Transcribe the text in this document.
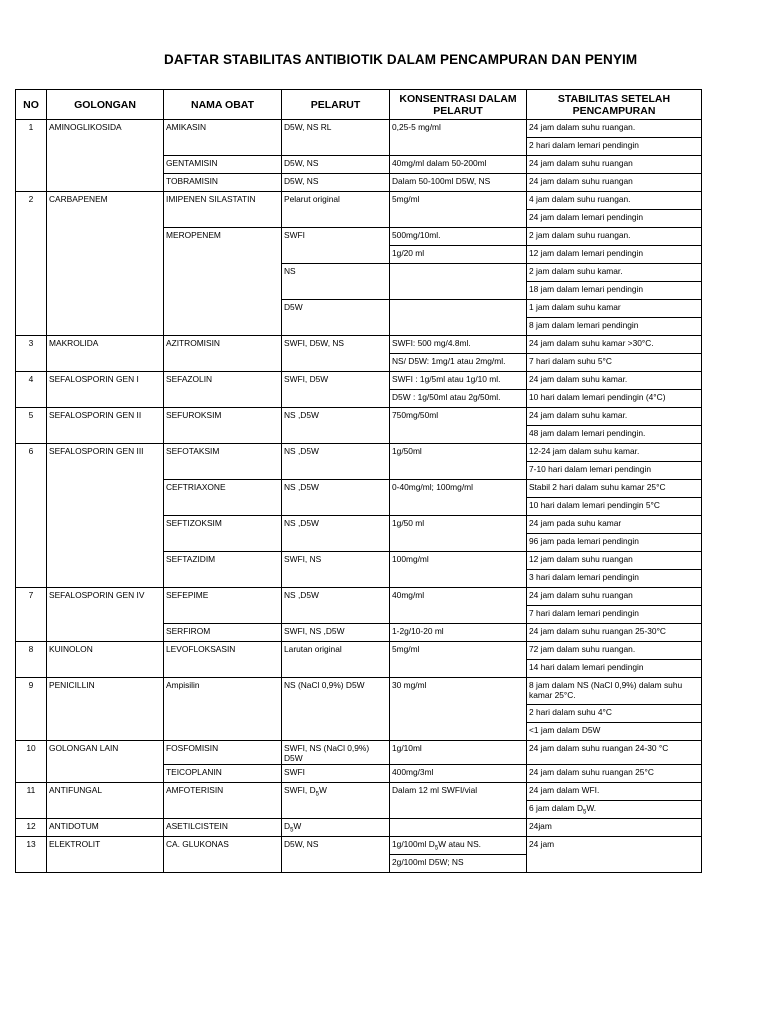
DAFTAR STABILITAS ANTIBIOTIK DALAM PENCAMPURAN DAN PENYIM
NO	GOLONGAN	NAMA OBAT	PELARUT	KONSENTRASI DALAM PELARUT	STABILITAS SETELAH PENCAMPURAN
1	AMINOGLIKOSIDA	AMIKASIN	D5W, NS RL	0,25-5 mg/ml	24 jam dalam suhu ruangan.
					2 hari dalam lemari pendingin
		GENTAMISIN	D5W, NS	40mg/ml dalam 50-200ml	24 jam dalam suhu ruangan
		TOBRAMISIN	D5W, NS	Dalam 50-100ml D5W, NS	24 jam dalam suhu ruangan
2	CARBAPENEM	IMIPENEN SILASTATIN	Pelarut original	5mg/ml	4 jam dalam suhu ruangan.
					24 jam dalam lemari pendingin
		MEROPENEM	SWFI	500mg/10ml.	2 jam dalam suhu ruangan.
				1g/20 ml	12 jam dalam lemari pendingin
			NS		2 jam dalam suhu kamar.
					18 jam dalam lemari pendingin
			D5W		1 jam dalam suhu kamar
					8 jam dalam lemari pendingin
3	MAKROLIDA	AZITROMISIN	SWFI, D5W, NS	SWFI: 500 mg/4.8ml.	24 jam dalam suhu kamar >30°C.
				NS/ D5W: 1mg/1 atau 2mg/ml.	7 hari dalam suhu 5°C
4	SEFALOSPORIN GEN I	SEFAZOLIN	SWFI, D5W	SWFI : 1g/5ml atau 1g/10 ml.	24 jam dalam suhu kamar.
				D5W : 1g/50ml atau 2g/50ml.	10 hari dalam lemari pendingin (4°C)
5	SEFALOSPORIN GEN II	SEFUROKSIM	NS ,D5W	750mg/50ml	24 jam dalam suhu kamar.
					48 jam dalam lemari pendingin.
6	SEFALOSPORIN GEN III	SEFOTAKSIM	NS ,D5W	1g/50ml	12-24 jam dalam suhu kamar.
					7-10 hari dalam lemari pendingin
		CEFTRIAXONE	NS ,D5W	0-40mg/ml; 100mg/ml	Stabil 2 hari dalam suhu kamar 25°C
					10 hari dalam lemari pendingin 5°C
		SEFTIZOKSIM	NS ,D5W	1g/50 ml	24 jam pada suhu kamar
					96 jam pada lemari pendingin
		SEFTAZIDIM	SWFI, NS	100mg/ml	12 jam dalam suhu ruangan
					3 hari dalam lemari pendingin
7	SEFALOSPORIN GEN IV	SEFEPIME	NS ,D5W	40mg/ml	24 jam dalam suhu ruangan
					7 hari dalam lemari pendingin
		SERFIROM	SWFI, NS ,D5W	1-2g/10-20 ml	24 jam dalam suhu ruangan 25-30°C
8	KUINOLON	LEVOFLOKSASIN	Larutan original	5mg/ml	72 jam dalam suhu ruangan.
					14 hari dalam lemari pendingin
9	PENICILLIN	Ampisilin	NS (NaCl 0,9%) D5W	30 mg/ml	8 jam dalam NS (NaCl 0,9%) dalam suhu kamar 25°C.
					2 hari dalam suhu 4°C
					<1 jam dalam D5W
10	GOLONGAN LAIN	FOSFOMISIN	SWFI, NS (NaCl 0,9%) D5W	1g/10ml	24 jam dalam suhu ruangan 24-30 °C
		TEICOPLANIN	SWFI	400mg/3ml	24 jam dalam suhu ruangan 25°C
11	ANTIFUNGAL	AMFOTERISIN	SWFI, $D_5W$	Dalam 12 ml SWFI/vial	24 jam dalam WFI.
					6 jam dalam $D_5W$.
12	ANTIDOTUM	ASETILCISTEIN	$D_5W$		24jam
13	ELEKTROLIT	CA. GLUKONAS	D5W, NS	1g/100ml $D_5W$ atau NS.	24 jam
				2g/100ml D5W; NS	
